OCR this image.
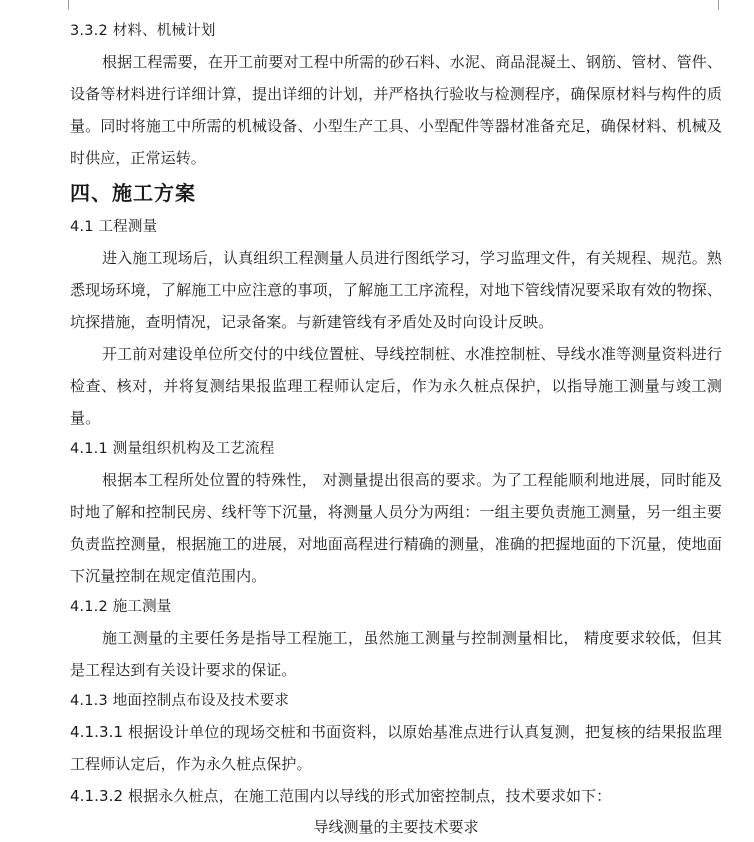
3.3.2 材料、机械计划
根据工程需要，在开工前要对工程中所需的砂石料、水泥、商品混凝土、钢筋、管材、管件、设备等材料进行详细计算，提出详细的计划，并严格执行验收与检测程序，确保原材料与构件的质量。同时将施工中所需的机械设备、小型生产工具、小型配件等器材准备充足，确保材料、机械及时供应，正常运转。
四、施工方案
4.1 工程测量
进入施工现场后，认真组织工程测量人员进行图纸学习，学习监理文件，有关规程、规范。熟悉现场环境，了解施工中应注意的事项，了解施工工序流程，对地下管线情况要采取有效的物探、坑探措施，查明情况，记录备案。与新建管线有矛盾处及时向设计反映。
开工前对建设单位所交付的中线位置桩、导线控制桩、水准控制桩、导线水准等测量资料进行检查、核对，并将复测结果报监理工程师认定后，作为永久桩点保护，以指导施工测量与竣工测量。
4.1.1 测量组织机构及工艺流程
根据本工程所处位置的特殊性， 对测量提出很高的要求。为了工程能顺利地进展，同时能及时地了解和控制民房、线杆等下沉量，将测量人员分为两组：一组主要负责施工测量，另一组主要负责监控测量，根据施工的进展，对地面高程进行精确的测量，准确的把握地面的下沉量，使地面下沉量控制在规定值范围内。
4.1.2 施工测量
施工测量的主要任务是指导工程施工，虽然施工测量与控制测量相比， 精度要求较低，但其是工程达到有关设计要求的保证。
4.1.3 地面控制点布设及技术要求
4.1.3.1 根据设计单位的现场交桩和书面资料，以原始基准点进行认真复测，把复核的结果报监理工程师认定后，作为永久桩点保护。
4.1.3.2 根据永久桩点，在施工范围内以导线的形式加密控制点，技术要求如下：
导线测量的主要技术要求
